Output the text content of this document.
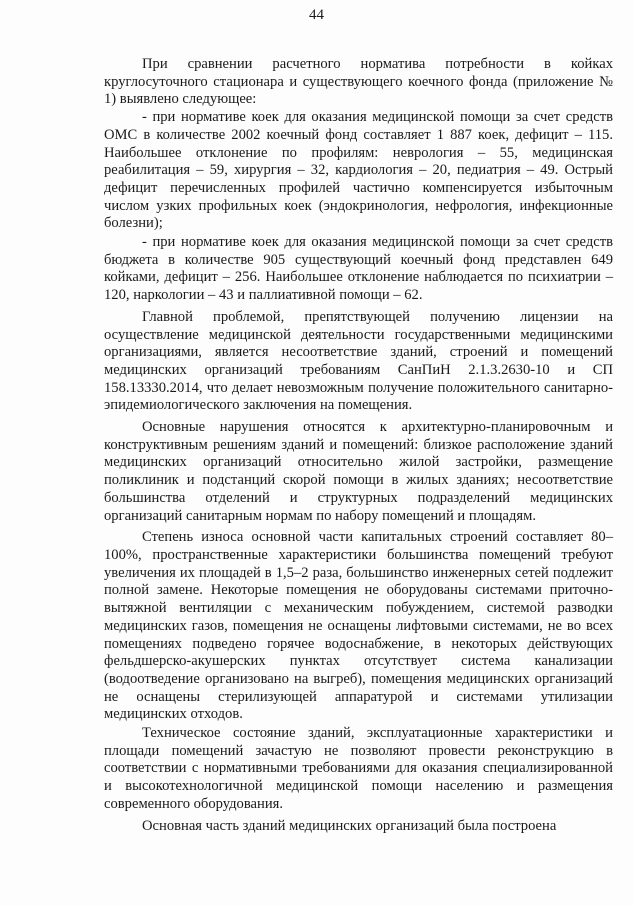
44

При сравнении расчетного норматива потребности в койках круглосуточного стационара и существующего коечного фонда (приложение № 1) выявлено следующее:

- при нормативе коек для оказания медицинской помощи за счет средств ОМС в количестве 2002 коечный фонд составляет 1 887 коек, дефицит – 115. Наибольшее отклонение по профилям: неврология – 55, медицинская реабилитация – 59, хирургия – 32, кардиология – 20, педиатрия – 49. Острый дефицит перечисленных профилей частично компенсируется избыточным числом узких профильных коек (эндокринология, нефрология, инфекционные болезни);

- при нормативе коек для оказания медицинской помощи за счет средств бюджета в количестве 905 существующий коечный фонд представлен 649 койками, дефицит – 256. Наибольшее отклонение наблюдается по психиатрии – 120, наркологии – 43 и паллиативной помощи – 62.

Главной проблемой, препятствующей получению лицензии на осуществление медицинской деятельности государственными медицинскими организациями, является несоответствие зданий, строений и помещений медицинских организаций требованиям СанПиН 2.1.3.2630-10 и СП 158.13330.2014, что делает невозможным получение положительного санитарно-эпидемиологического заключения на помещения.

Основные нарушения относятся к архитектурно-планировочным и конструктивным решениям зданий и помещений: близкое расположение зданий медицинских организаций относительно жилой застройки, размещение поликлиник и подстанций скорой помощи в жилых зданиях; несоответствие большинства отделений и структурных подразделений медицинских организаций санитарным нормам по набору помещений и площадям.

Степень износа основной части капитальных строений составляет 80–100%, пространственные характеристики большинства помещений требуют увеличения их площадей в 1,5–2 раза, большинство инженерных сетей подлежит полной замене. Некоторые помещения не оборудованы системами приточно-вытяжной вентиляции с механическим побуждением, системой разводки медицинских газов, помещения не оснащены лифтовыми системами, не во всех помещениях подведено горячее водоснабжение, в некоторых действующих фельдшерско-акушерских пунктах отсутствует система канализации (водоотведение организовано на выгреб), помещения медицинских организаций не оснащены стерилизующей аппаратурой и системами утилизации медицинских отходов.

Техническое состояние зданий, эксплуатационные характеристики и площади помещений зачастую не позволяют провести реконструкцию в соответствии с нормативными требованиями для оказания специализированной и высокотехнологичной медицинской помощи населению и размещения современного оборудования.

Основная часть зданий медицинских организаций была построена
